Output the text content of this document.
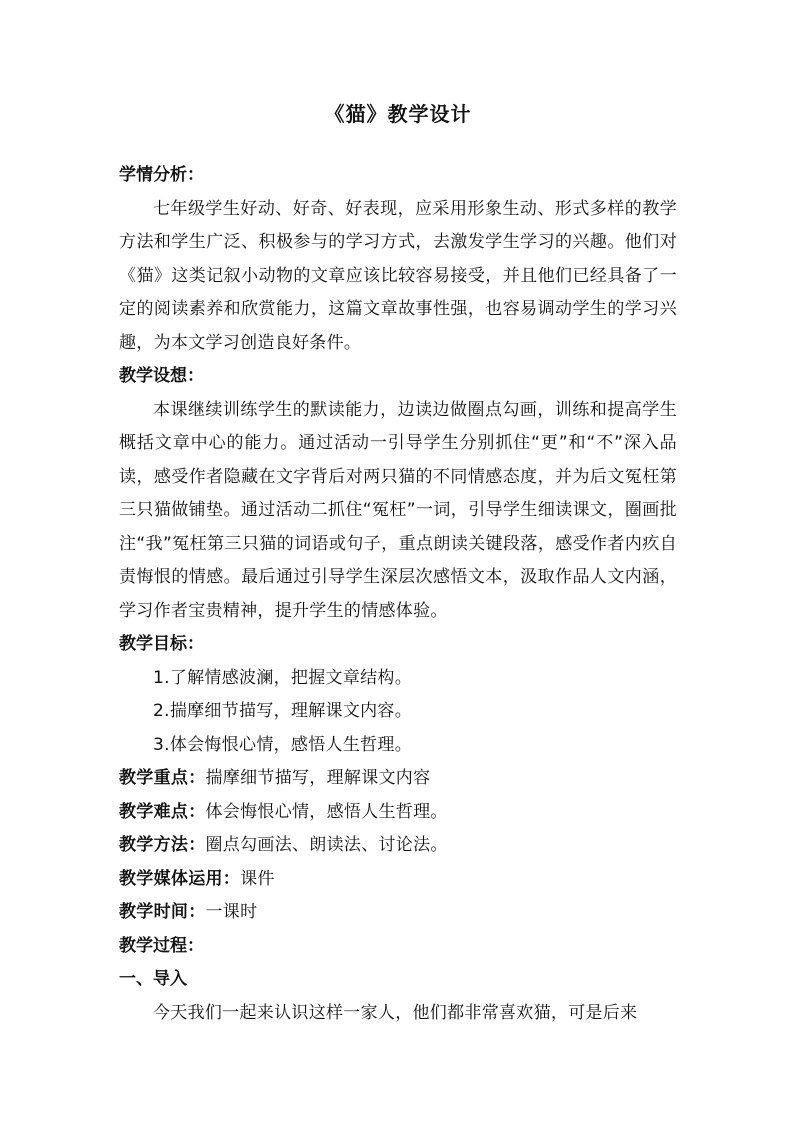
《猫》教学设计
学情分析：

七年级学生好动、好奇、好表现，应采用形象生动、形式多样的教学方法和学生广泛、积极参与的学习方式，去激发学生学习的兴趣。他们对《猫》这类记叙小动物的文章应该比较容易接受，并且他们已经具备了一定的阅读素养和欣赏能力，这篇文章故事性强，也容易调动学生的学习兴趣，为本文学习创造良好条件。

教学设想：

本课继续训练学生的默读能力，边读边做圈点勾画，训练和提高学生概括文章中心的能力。通过活动一引导学生分别抓住“更”和“不”深入品读，感受作者隐藏在文字背后对两只猫的不同情感态度，并为后文冤枉第三只猫做铺垫。通过活动二抓住“冤枉”一词，引导学生细读课文，圈画批注“我”冤枉第三只猫的词语或句子，重点朗读关键段落，感受作者内疚自责悔恨的情感。最后通过引导学生深层次感悟文本，汲取作品人文内涵，学习作者宝贵精神，提升学生的情感体验。

教学目标：

1.了解情感波澜，把握文章结构。

2.揣摩细节描写，理解课文内容。

3.体会悔恨心情，感悟人生哲理。

教学重点：揣摩细节描写，理解课文内容

教学难点：体会悔恨心情，感悟人生哲理。

教学方法：圈点勾画法、朗读法、讨论法。

教学媒体运用：课件

教学时间：一课时

教学过程：
一、导入

今天我们一起来认识这样一家人，他们都非常喜欢猫，可是后来
